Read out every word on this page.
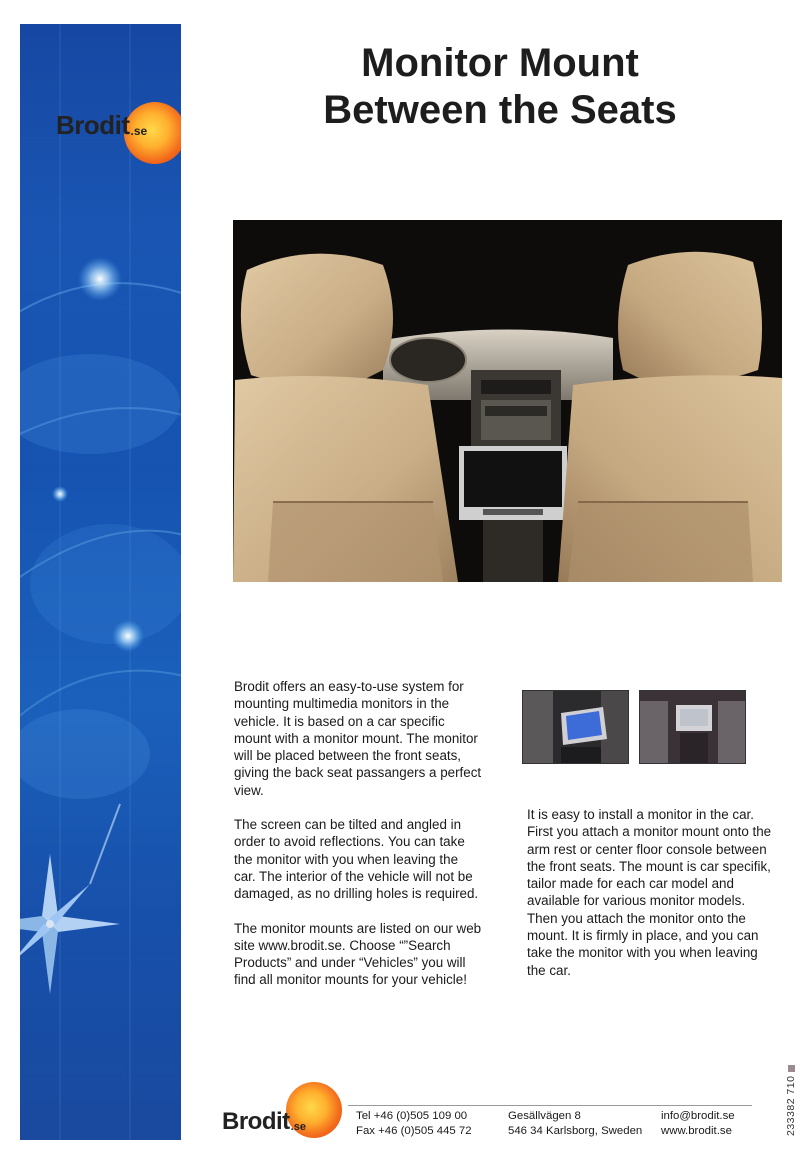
Brodit .se
Monitor Mount
Between the Seats

Brodit offers an easy-to-use system for mounting multimedia monitors in the vehicle. It is based on a car specific mount with a monitor mount. The monitor will be placed between the front seats, giving the back seat passangers a perfect view.

The screen can be tilted and angled in order to avoid reflections. You can take the monitor with you when leaving the car. The interior of the vehicle will not be damaged, as no drilling holes is required.

The monitor mounts are listed on our web site www.brodit.se. Choose “”Search Products” and under “Vehicles” you will find all monitor mounts for your vehicle!

It is easy to install a monitor in the car. First you attach a monitor mount onto the arm rest or center floor console between the front seats. The mount is car specifik, tailor made for each car model and available for various monitor models. Then you attach the monitor onto the mount. It is firmly in place, and you can take the monitor with you when leaving the car.

Brodit .se
Tel +46 (0)505 109 00
Fax +46 (0)505 445 72
Gesällvägen 8
546 34 Karlsborg, Sweden
info@brodit.se
www.brodit.se	233382 710
